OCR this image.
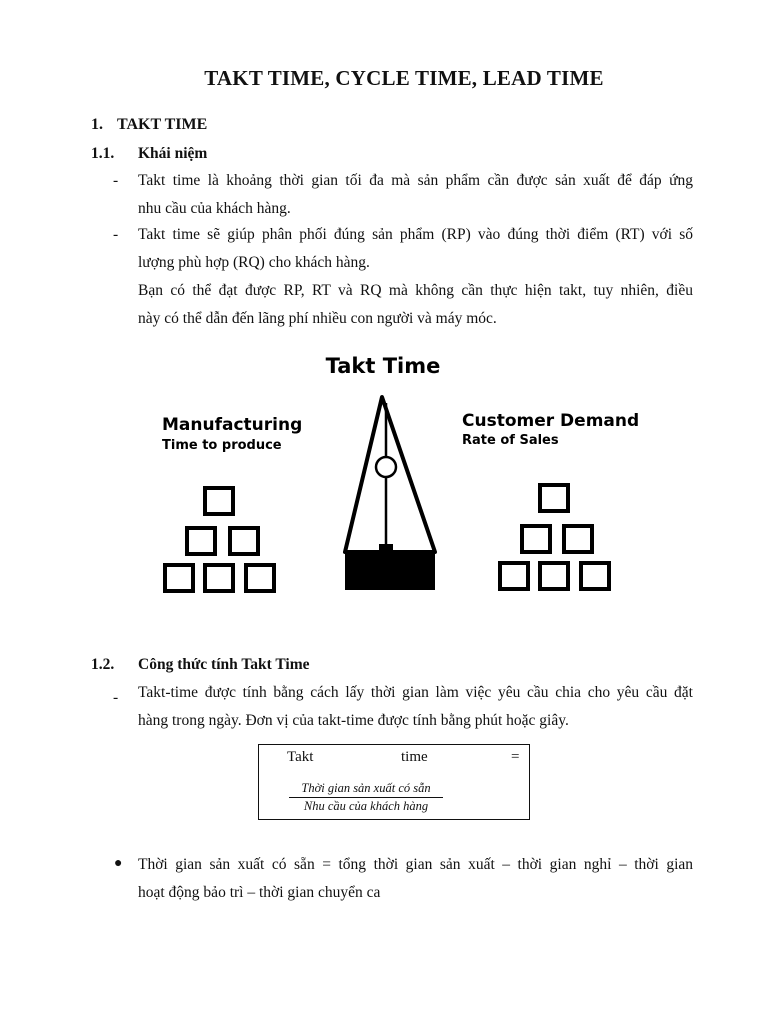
TAKT TIME, CYCLE TIME, LEAD TIME
1. TAKT TIME
1.1. Khái niệm
- Takt time là khoảng thời gian tối đa mà sản phẩm cần được sản xuất để đáp ứng
nhu cầu của khách hàng.
- Takt time sẽ giúp phân phối đúng sản phẩm (RP) vào đúng thời điểm (RT) với số
lượng phù hợp (RQ) cho khách hàng.
Bạn có thể đạt được RP, RT và RQ mà không cần thực hiện takt, tuy nhiên, điều
này có thể dẫn đến lãng phí nhiều con người và máy móc.
Takt Time
Manufacturing
Time to produce
Customer Demand
Rate of Sales
1.2. Công thức tính Takt Time
- Takt-time được tính bằng cách lấy thời gian làm việc yêu cầu chia cho yêu cầu đặt
hàng trong ngày. Đơn vị của takt-time được tính bằng phút hoặc giây.
Takt	time	=
Thời gian sản xuất có sẵn
Nhu cầu của khách hàng
● Thời gian sản xuất có sẵn = tổng thời gian sản xuất – thời gian nghỉ – thời gian
hoạt động bảo trì – thời gian chuyển ca
